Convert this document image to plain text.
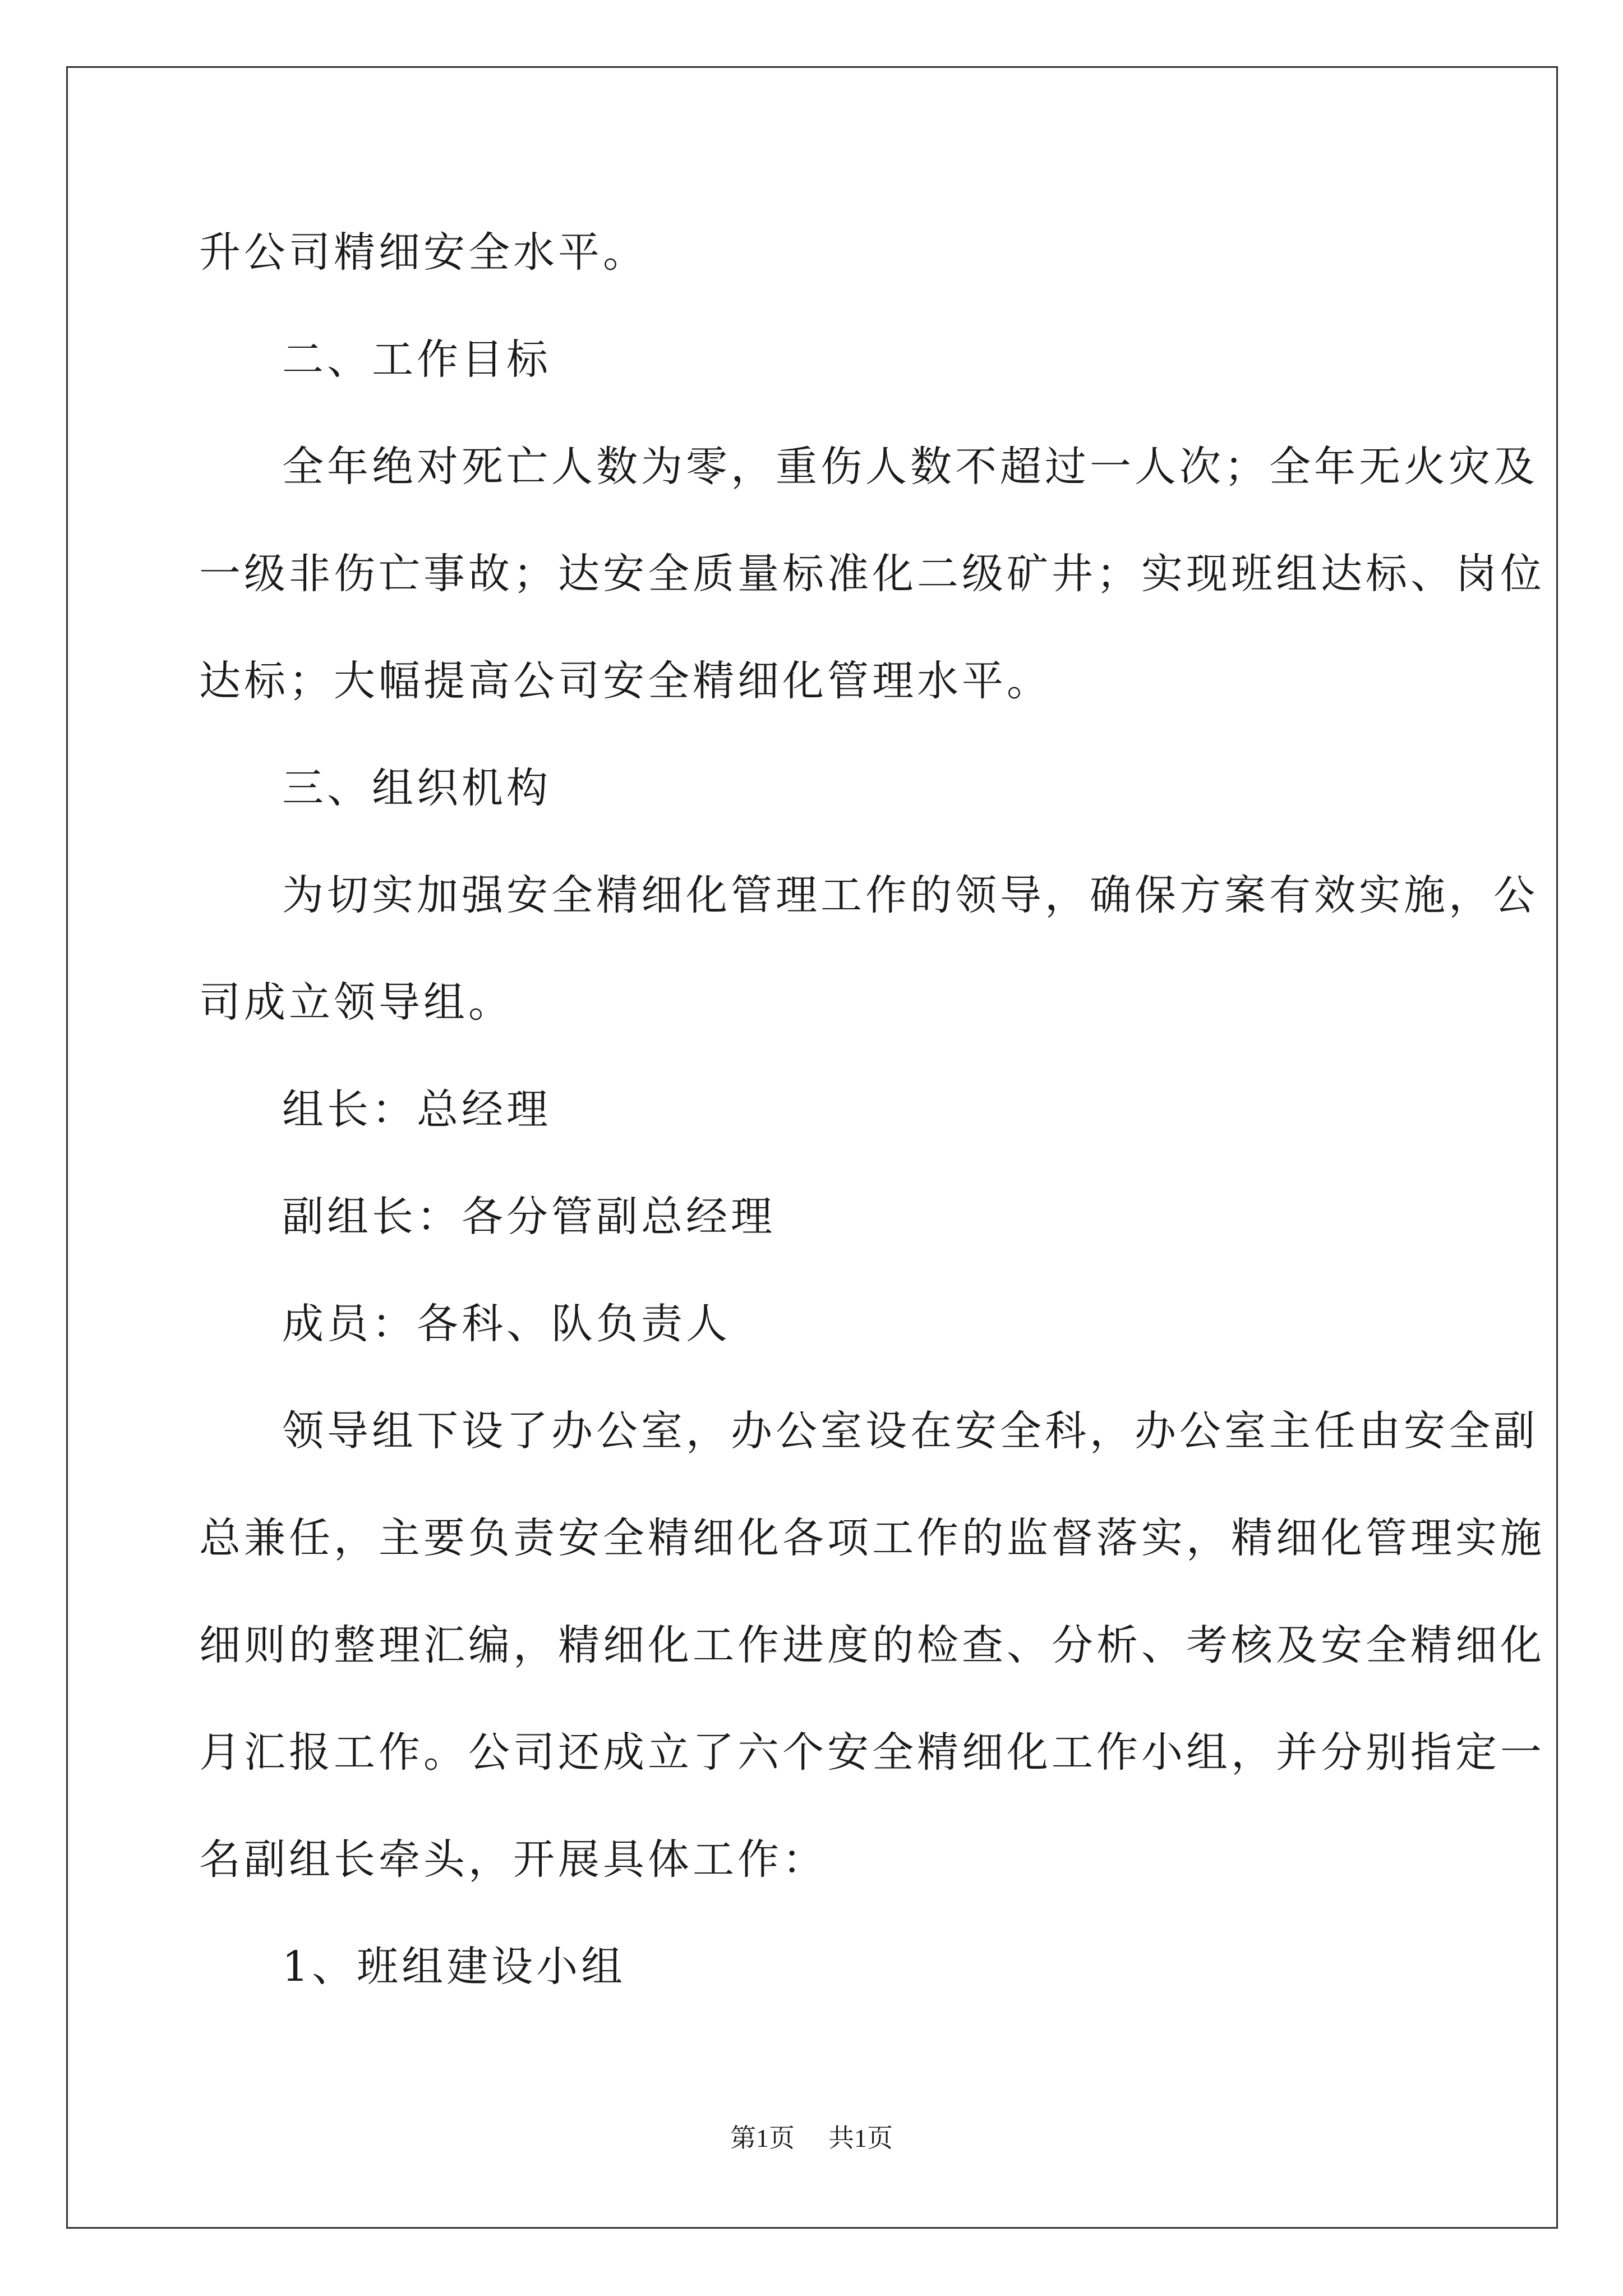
升公司精细安全水平。

二、工作目标

全年绝对死亡人数为零，重伤人数不超过一人次；全年无火灾及
一级非伤亡事故；达安全质量标准化二级矿井；实现班组达标、岗位
达标；大幅提高公司安全精细化管理水平。

三、组织机构

为切实加强安全精细化管理工作的领导，确保方案有效实施，公
司成立领导组。

组长：总经理

副组长：各分管副总经理

成员：各科、队负责人

领导组下设了办公室，办公室设在安全科，办公室主任由安全副
总兼任，主要负责安全精细化各项工作的监督落实，精细化管理实施
细则的整理汇编，精细化工作进度的检查、分析、考核及安全精细化
月汇报工作。公司还成立了六个安全精细化工作小组，并分别指定一
名副组长牵头，开展具体工作：

1、班组建设小组

第1页 共1页
